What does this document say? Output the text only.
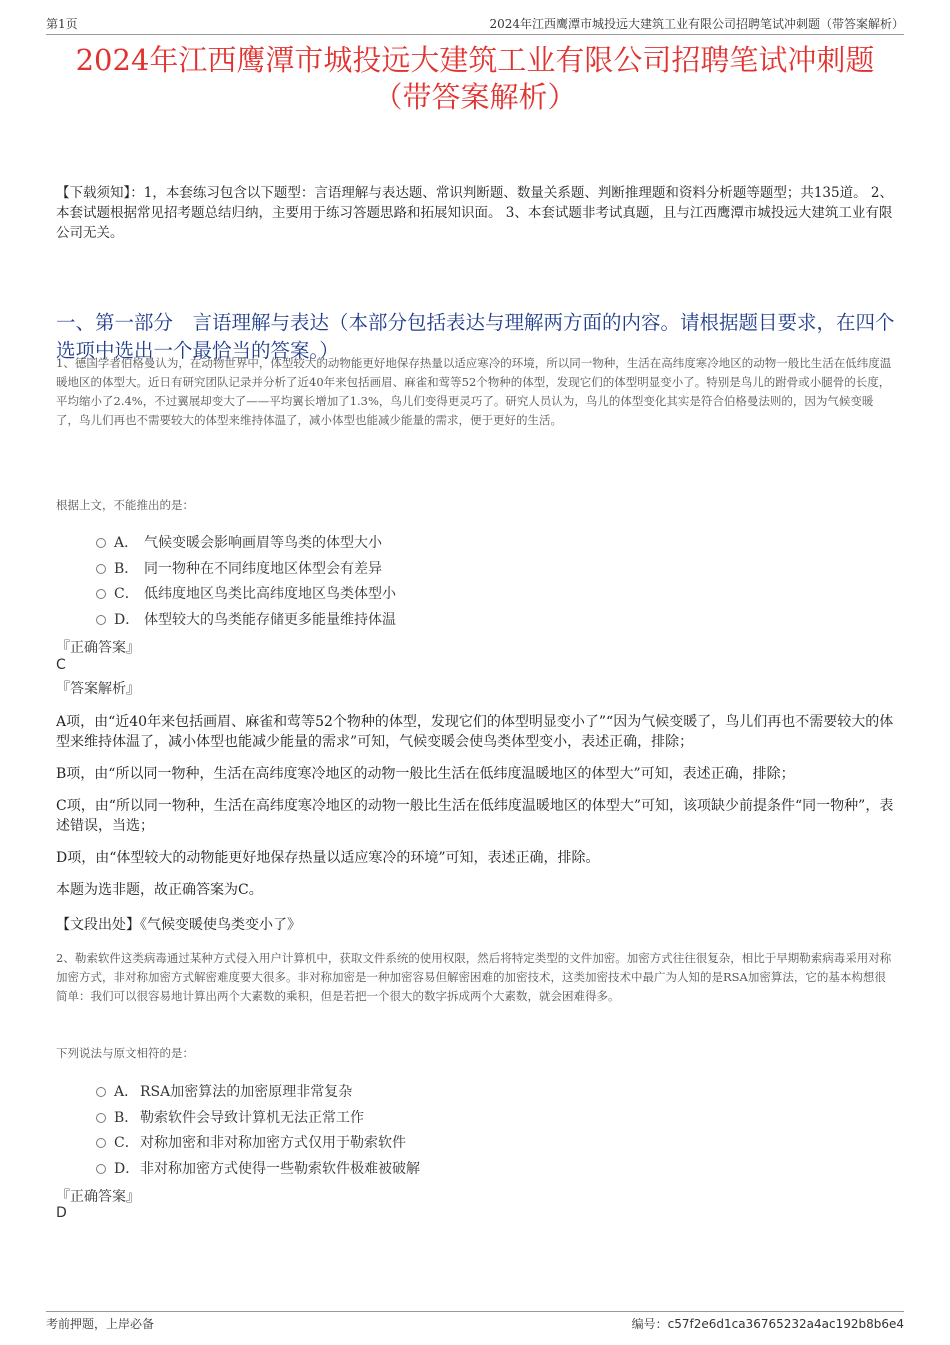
第1页	2024年江西鹰潭市城投远大建筑工业有限公司招聘笔试冲刺题（带答案解析）
2024年江西鹰潭市城投远大建筑工业有限公司招聘笔试冲刺题
（带答案解析）
【下载须知】：1，本套练习包含以下题型：言语理解与表达题、常识判断题、数量关系题、判断推理题和资料分析题等题型；共135道。 2、本套试题根据常见招考题总结归纳，主要用于练习答题思路和拓展知识面。 3、本套试题非考试真题，且与江西鹰潭市城投远大建筑工业有限公司无关。
一、第一部分　言语理解与表达（本部分包括表达与理解两方面的内容。请根据题目要求，在四个选项中选出一个最恰当的答案。）
1、德国学者伯格曼认为，在动物世界中，体型较大的动物能更好地保存热量以适应寒冷的环境，所以同一物种，生活在高纬度寒冷地区的动物一般比生活在低纬度温暖地区的体型大。近日有研究团队记录并分析了近40年来包括画眉、麻雀和莺等52个物种的体型，发现它们的体型明显变小了。特别是鸟儿的跗骨或小腿骨的长度，平均缩小了2.4%，不过翼展却变大了——平均翼长增加了1.3%，鸟儿们变得更灵巧了。研究人员认为，鸟儿的体型变化其实是符合伯格曼法则的，因为气候变暖了，鸟儿们再也不需要较大的体型来维持体温了，减小体型也能减少能量的需求，便于更好的生活。
根据上文，不能推出的是：
A． 气候变暖会影响画眉等鸟类的体型大小
B． 同一物种在不同纬度地区体型会有差异
C． 低纬度地区鸟类比高纬度地区鸟类体型小
D． 体型较大的鸟类能存储更多能量维持体温
『正确答案』
C
『答案解析』
A项，由“近40年来包括画眉、麻雀和莺等52个物种的体型，发现它们的体型明显变小了”“因为气候变暖了，鸟儿们再也不需要较大的体型来维持体温了，减小体型也能减少能量的需求”可知，气候变暖会使鸟类体型变小，表述正确，排除；
B项，由“所以同一物种，生活在高纬度寒冷地区的动物一般比生活在低纬度温暖地区的体型大”可知，表述正确，排除；
C项，由“所以同一物种，生活在高纬度寒冷地区的动物一般比生活在低纬度温暖地区的体型大”可知，该项缺少前提条件“同一物种”，表述错误，当选；
D项，由“体型较大的动物能更好地保存热量以适应寒冷的环境”可知，表述正确，排除。
本题为选非题，故正确答案为C。
【文段出处】《气候变暖使鸟类变小了》
2、勒索软件这类病毒通过某种方式侵入用户计算机中，获取文件系统的使用权限，然后将特定类型的文件加密。加密方式往往很复杂，相比于早期勒索病毒采用对称加密方式，非对称加密方式解密难度要大很多。非对称加密是一种加密容易但解密困难的加密技术，这类加密技术中最广为人知的是RSA加密算法，它的基本构想很简单：我们可以很容易地计算出两个大素数的乘积，但是若把一个很大的数字拆成两个大素数，就会困难得多。
下列说法与原文相符的是：
A． RSA加密算法的加密原理非常复杂
B． 勒索软件会导致计算机无法正常工作
C． 对称加密和非对称加密方式仅用于勒索软件
D． 非对称加密方式使得一些勒索软件极难被破解
『正确答案』
D
考前押题，上岸必备	编号：c57f2e6d1ca36765232a4ac192b8b6e4
